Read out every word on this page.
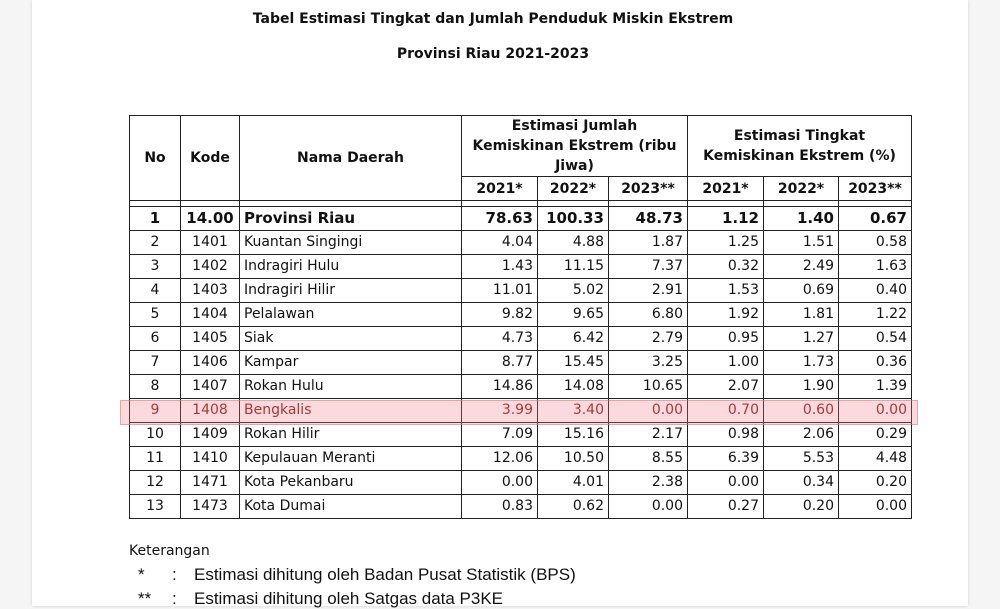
Tabel Estimasi Tingkat dan Jumlah Penduduk Miskin Ekstrem
Provinsi Riau 2021-2023
No	Kode	Nama Daerah	Estimasi Jumlah Kemiskinan Ekstrem (ribu Jiwa)			Estimasi Tingkat Kemiskinan Ekstrem (%)		
			2021*	2022*	2023**	2021*	2022*	2023**

1	14.00	Provinsi Riau	78.63	100.33	48.73	1.12	1.40	0.67
2	1401	Kuantan Singingi	4.04	4.88	1.87	1.25	1.51	0.58
3	1402	Indragiri Hulu	1.43	11.15	7.37	0.32	2.49	1.63
4	1403	Indragiri Hilir	11.01	5.02	2.91	1.53	0.69	0.40
5	1404	Pelalawan	9.82	9.65	6.80	1.92	1.81	1.22
6	1405	Siak	4.73	6.42	2.79	0.95	1.27	0.54
7	1406	Kampar	8.77	15.45	3.25	1.00	1.73	0.36
8	1407	Rokan Hulu	14.86	14.08	10.65	2.07	1.90	1.39
9	1408	Bengkalis	3.99	3.40	0.00	0.70	0.60	0.00
10	1409	Rokan Hilir	7.09	15.16	2.17	0.98	2.06	0.29
11	1410	Kepulauan Meranti	12.06	10.50	8.55	6.39	5.53	4.48
12	1471	Kota Pekanbaru	0.00	4.01	2.38	0.00	0.34	0.20
13	1473	Kota Dumai	0.83	0.62	0.00	0.27	0.20	0.00
Keterangan
* : Estimasi dihitung oleh Badan Pusat Statistik (BPS)
** : Estimasi dihitung oleh Satgas data P3KE
